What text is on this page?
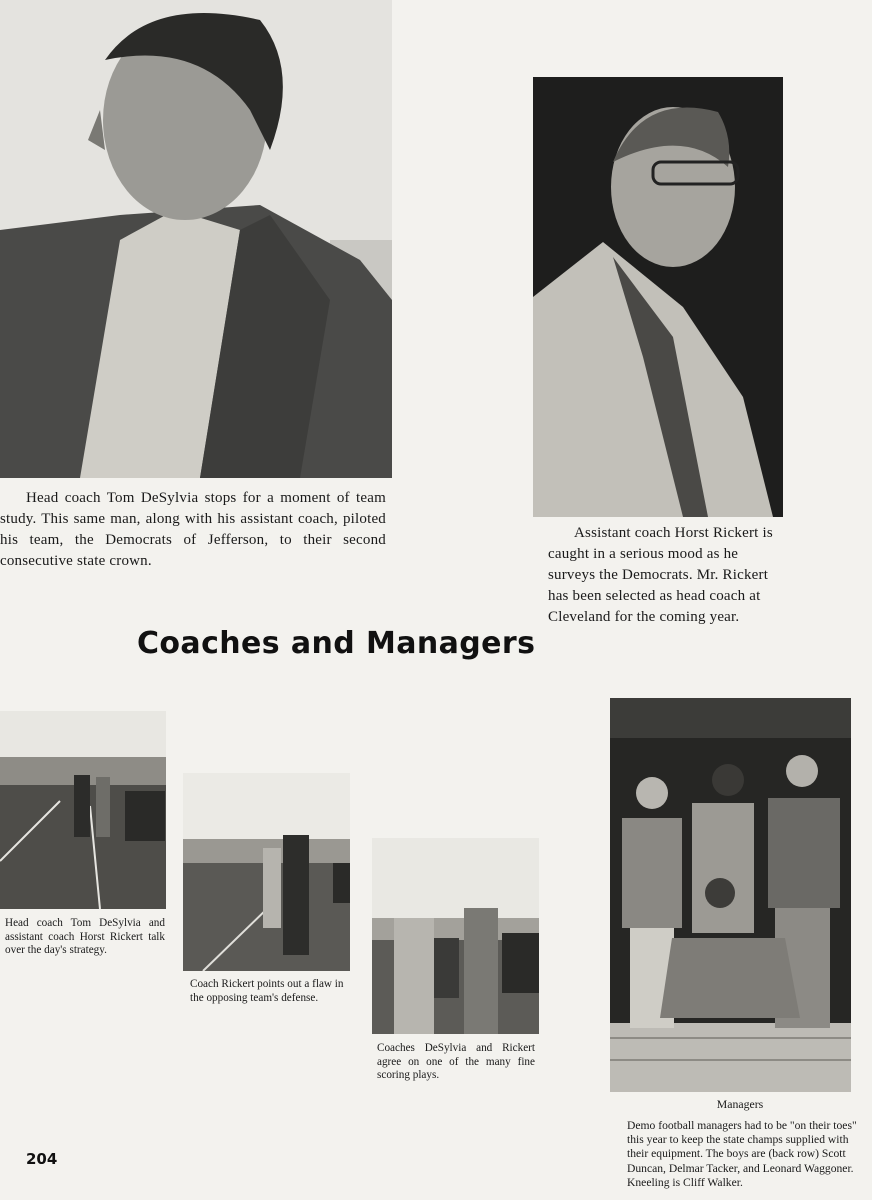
Head coach Tom DeSylvia stops for a moment of team study. This same man, along with his assistant coach, piloted his team, the Democrats of Jefferson, to their second consecutive state crown.

Assistant coach Horst Rickert is caught in a serious mood as he surveys the Democrats. Mr. Rickert has been selected as head coach at Cleveland for the coming year.

Coaches and Managers

Head coach Tom DeSylvia and assistant coach Horst Rickert talk over the day's strategy.

Coach Rickert points out a flaw in the opposing team's defense.

Coaches DeSylvia and Rickert agree on one of the many fine scoring plays.

Managers

Demo football managers had to be "on their toes" this year to keep the state champs supplied with their equipment. The boys are (back row) Scott Duncan, Delmar Tacker, and Leonard Waggoner. Kneeling is Cliff Walker.

204
